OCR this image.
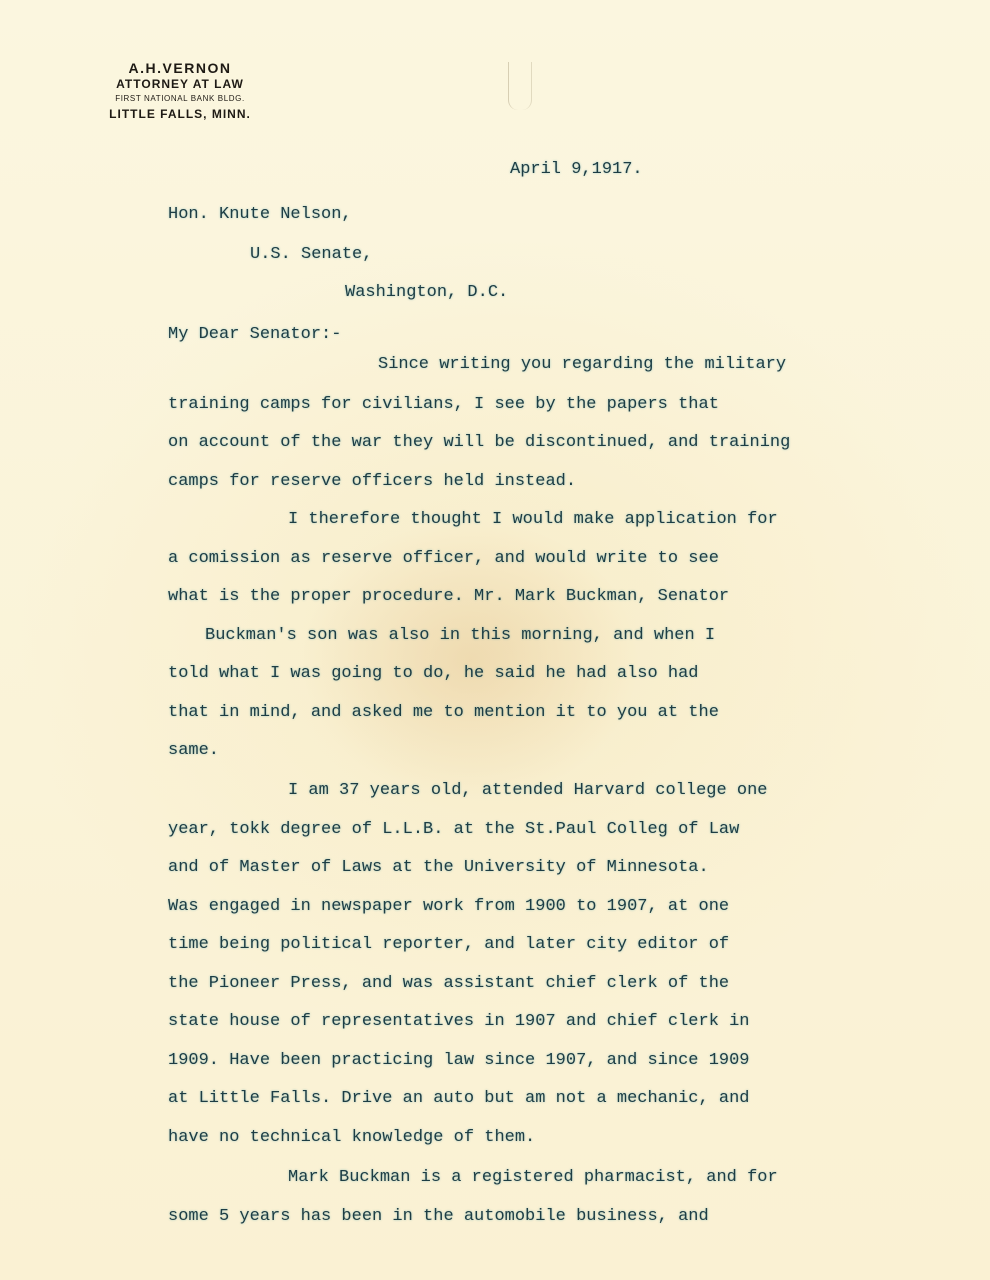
A.H.VERNON
ATTORNEY AT LAW
FIRST NATIONAL BANK BLDG.
LITTLE FALLS, MINN.
April 9,1917.
Hon. Knute Nelson,
U.S. Senate,
Washington, D.C.
My Dear Senator:-
Since writing you regarding the military
training camps for civilians, I see by the papers that
on account of the war they will be discontinued, and training
camps for reserve officers held instead.
I therefore thought I would make application for
a comission as reserve officer, and would write to see
what is the proper procedure. Mr. Mark Buckman, Senator
Buckman's son was also in this morning, and when I
told what I was going to do, he said he had also had
that in mind, and asked me to mention it to you at the
same.
I am 37 years old, attended Harvard college one
year, tokk degree of L.L.B. at the St.Paul Colleg of Law
and of Master of Laws at the University of Minnesota.
Was engaged in newspaper work from 1900 to 1907, at one
time being political reporter, and later city editor of
the Pioneer Press, and was assistant chief clerk of the
state house of representatives in 1907 and chief clerk in
1909. Have been practicing law since 1907, and since 1909
at Little Falls. Drive an auto but am not a mechanic, and
have no technical knowledge of them.
Mark Buckman is a registered pharmacist, and for
some 5 years has been in the automobile business, and
